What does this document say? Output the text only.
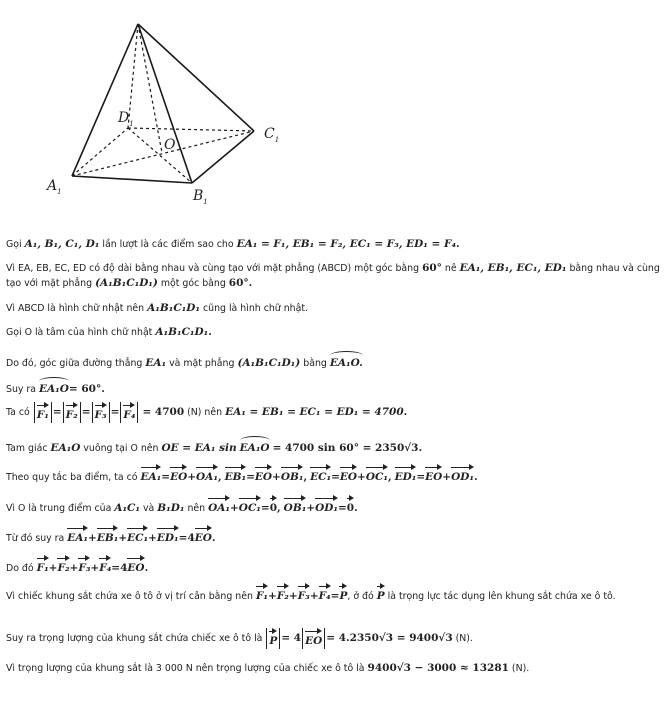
$A_1$	$B_1$
$C_1$
$D_1$
O
Gọi A₁, B₁, C₁, D₁ lần lượt là các điểm sao cho EA₁ = F₁, EB₁ = F₂, EC₁ = F₃, ED₁ = F₄.
Vì EA, EB, EC, ED có độ dài bằng nhau và cùng tạo với mặt phẳng (ABCD) một góc bằng 60° nê EA₁, EB₁, EC₁, ED₁ bằng nhau và cùng tạo với mặt phẳng (A₁B₁C₁D₁) một góc bằng 60°.
Vì ABCD là hình chữ nhật nên A₁B₁C₁D₁ cũng là hình chữ nhật.
Gọi O là tâm của hình chữ nhật A₁B₁C₁D₁.
Do đó, góc giữa đường thẳng EA₁ và mặt phẳng (A₁B₁C₁D₁) bằng EA₁O.
Suy ra EA₁O= 60°.
Ta có F₁ = F₂ = F₃ = F₄ = 4700 (N) nên EA₁ = EB₁ = EC₁ = ED₁ = 4700.
Tam giác EA₁O vuông tại O nên OE = EA₁ sin EA₁O = 4700 sin 60° = 2350√3.
Theo quy tắc ba điểm, ta có EA₁=EO+OA₁, EB₁=EO+OB₁, EC₁=EO+OC₁, ED₁=EO+OD₁.
Vì O là trung điểm của A₁C₁ và B₁D₁ nên OA₁+OC₁=0, OB₁+OD₁=0.
Từ đó suy ra EA₁+EB₁+EC₁+ED₁=4EO.
Do đó F₁+F₂+F₃+F₄=4EO.
Vì chiếc khung sắt chứa xe ô tô ở vị trí cân bằng nên F₁+F₂+F₃+F₄=P, ở đó P là trọng lực tác dụng lên khung sắt chứa xe ô tô.
Suy ra trọng lượng của khung sắt chứa chiếc xe ô tô là P = 4 EO = 4.2350√3 = 9400√3 (N).
Vì trọng lượng của khung sắt là 3 000 N nên trọng lượng của chiếc xe ô tô là 9400√3 − 3000 ≈ 13281 (N).
